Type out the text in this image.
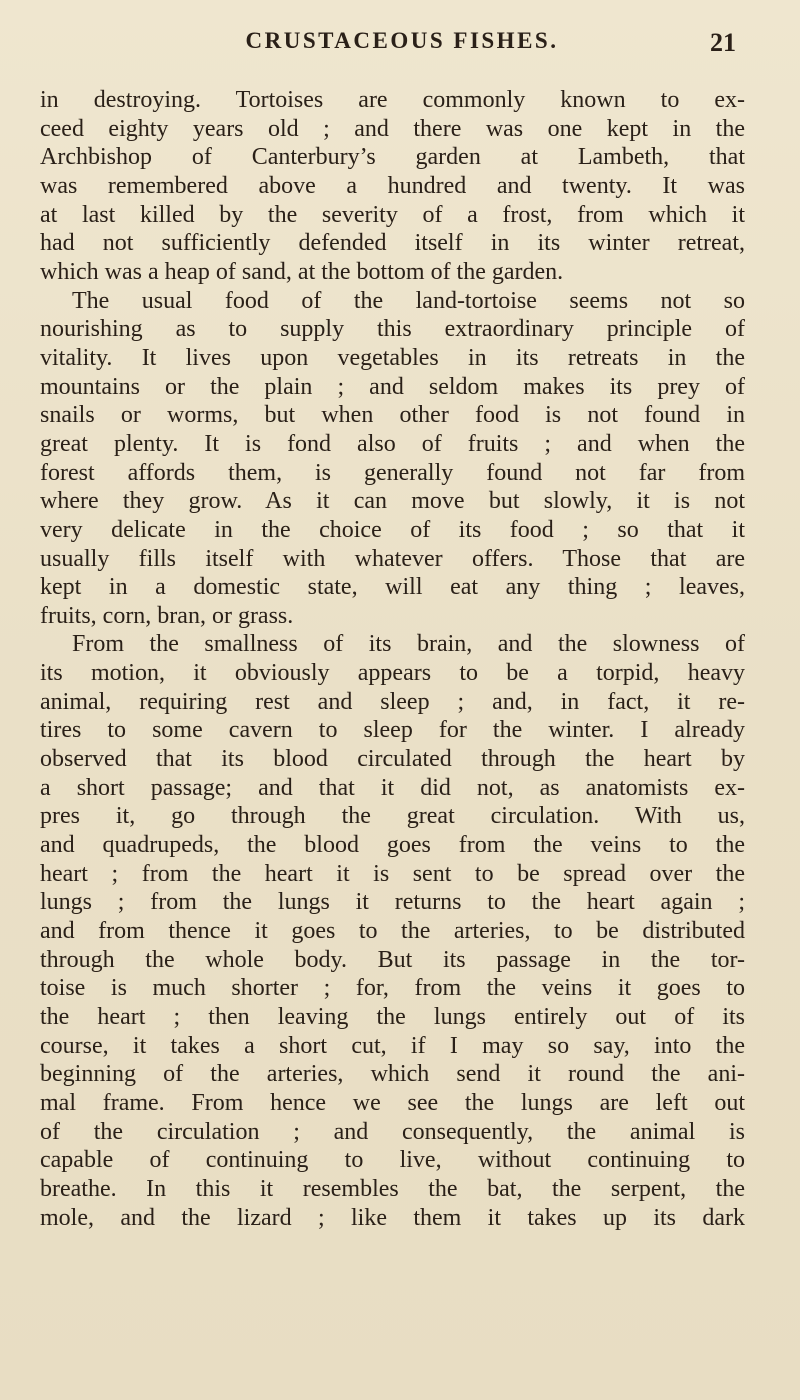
CRUSTACEOUS FISHES.	21
in destroying. Tortoises are commonly known to ex-
ceed eighty years old ; and there was one kept in the
Archbishop of Canterbury’s garden at Lambeth, that
was remembered above a hundred and twenty. It was
at last killed by the severity of a frost, from which it
had not sufficiently defended itself in its winter retreat,
which was a heap of sand, at the bottom of the garden.
The usual food of the land-tortoise seems not so
nourishing as to supply this extraordinary principle of
vitality. It lives upon vegetables in its retreats in the
mountains or the plain ; and seldom makes its prey of
snails or worms, but when other food is not found in
great plenty. It is fond also of fruits ; and when the
forest affords them, is generally found not far from
where they grow. As it can move but slowly, it is not
very delicate in the choice of its food ; so that it
usually fills itself with whatever offers. Those that are
kept in a domestic state, will eat any thing ; leaves,
fruits, corn, bran, or grass.
From the smallness of its brain, and the slowness of
its motion, it obviously appears to be a torpid, heavy
animal, requiring rest and sleep ; and, in fact, it re-
tires to some cavern to sleep for the winter. I already
observed that its blood circulated through the heart by
a short passage; and that it did not, as anatomists ex-
pres it, go through the great circulation. With us,
and quadrupeds, the blood goes from the veins to the
heart ; from the heart it is sent to be spread over the
lungs ; from the lungs it returns to the heart again ;
and from thence it goes to the arteries, to be distributed
through the whole body. But its passage in the tor-
toise is much shorter ; for, from the veins it goes to
the heart ; then leaving the lungs entirely out of its
course, it takes a short cut, if I may so say, into the
beginning of the arteries, which send it round the ani-
mal frame. From hence we see the lungs are left out
of the circulation ; and consequently, the animal is
capable of continuing to live, without continuing to
breathe. In this it resembles the bat, the serpent, the
mole, and the lizard ; like them it takes up its dark
